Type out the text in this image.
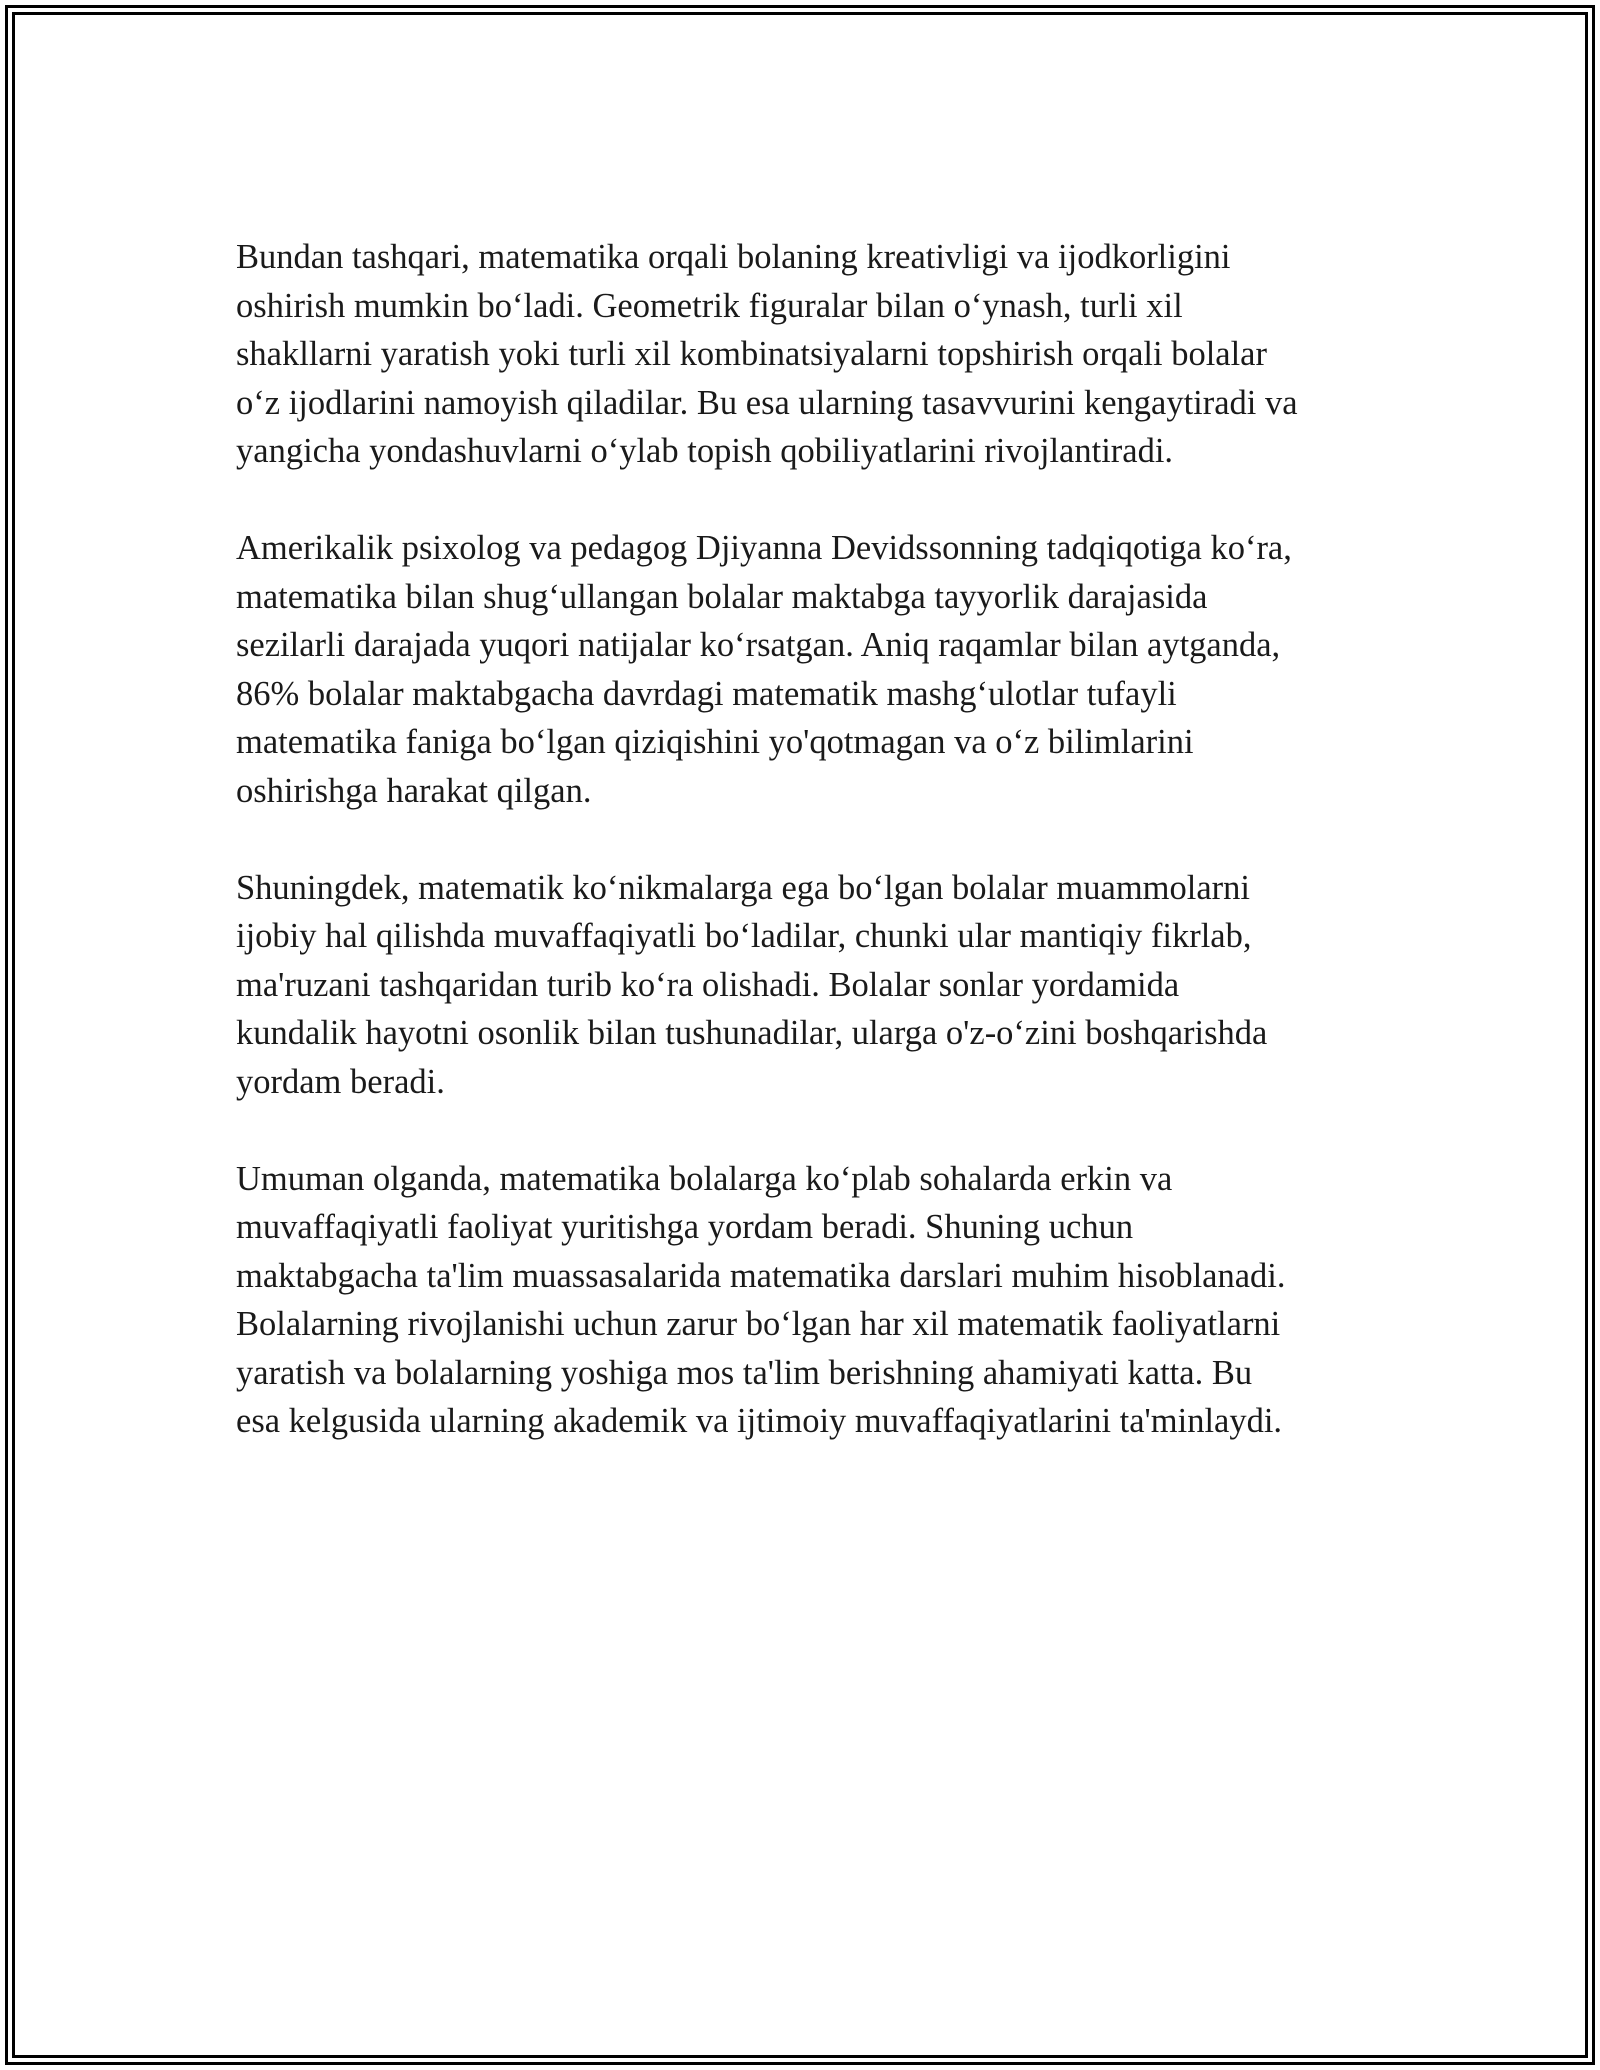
Bundan tashqari, matematika orqali bolaning kreativligi va ijodkorligini
oshirish mumkin bo‘ladi. Geometrik figuralar bilan o‘ynash, turli xil
shakllarni yaratish yoki turli xil kombinatsiyalarni topshirish orqali bolalar
o‘z ijodlarini namoyish qiladilar. Bu esa ularning tasavvurini kengaytiradi va
yangicha yondashuvlarni o‘ylab topish qobiliyatlarini rivojlantiradi.

Amerikalik psixolog va pedagog Djiyanna Devidssonning tadqiqotiga ko‘ra,
matematika bilan shug‘ullangan bolalar maktabga tayyorlik darajasida
sezilarli darajada yuqori natijalar ko‘rsatgan. Aniq raqamlar bilan aytganda,
86% bolalar maktabgacha davrdagi matematik mashg‘ulotlar tufayli
matematika faniga bo‘lgan qiziqishini yo'qotmagan va o‘z bilimlarini
oshirishga harakat qilgan.

Shuningdek, matematik ko‘nikmalarga ega bo‘lgan bolalar muammolarni
ijobiy hal qilishda muvaffaqiyatli bo‘ladilar, chunki ular mantiqiy fikrlab,
ma'ruzani tashqaridan turib ko‘ra olishadi. Bolalar sonlar yordamida
kundalik hayotni osonlik bilan tushunadilar, ularga o'z-o‘zini boshqarishda
yordam beradi.

Umuman olganda, matematika bolalarga ko‘plab sohalarda erkin va
muvaffaqiyatli faoliyat yuritishga yordam beradi. Shuning uchun
maktabgacha ta'lim muassasalarida matematika darslari muhim hisoblanadi.
Bolalarning rivojlanishi uchun zarur bo‘lgan har xil matematik faoliyatlarni
yaratish va bolalarning yoshiga mos ta'lim berishning ahamiyati katta. Bu
esa kelgusida ularning akademik va ijtimoiy muvaffaqiyatlarini ta'minlaydi.
